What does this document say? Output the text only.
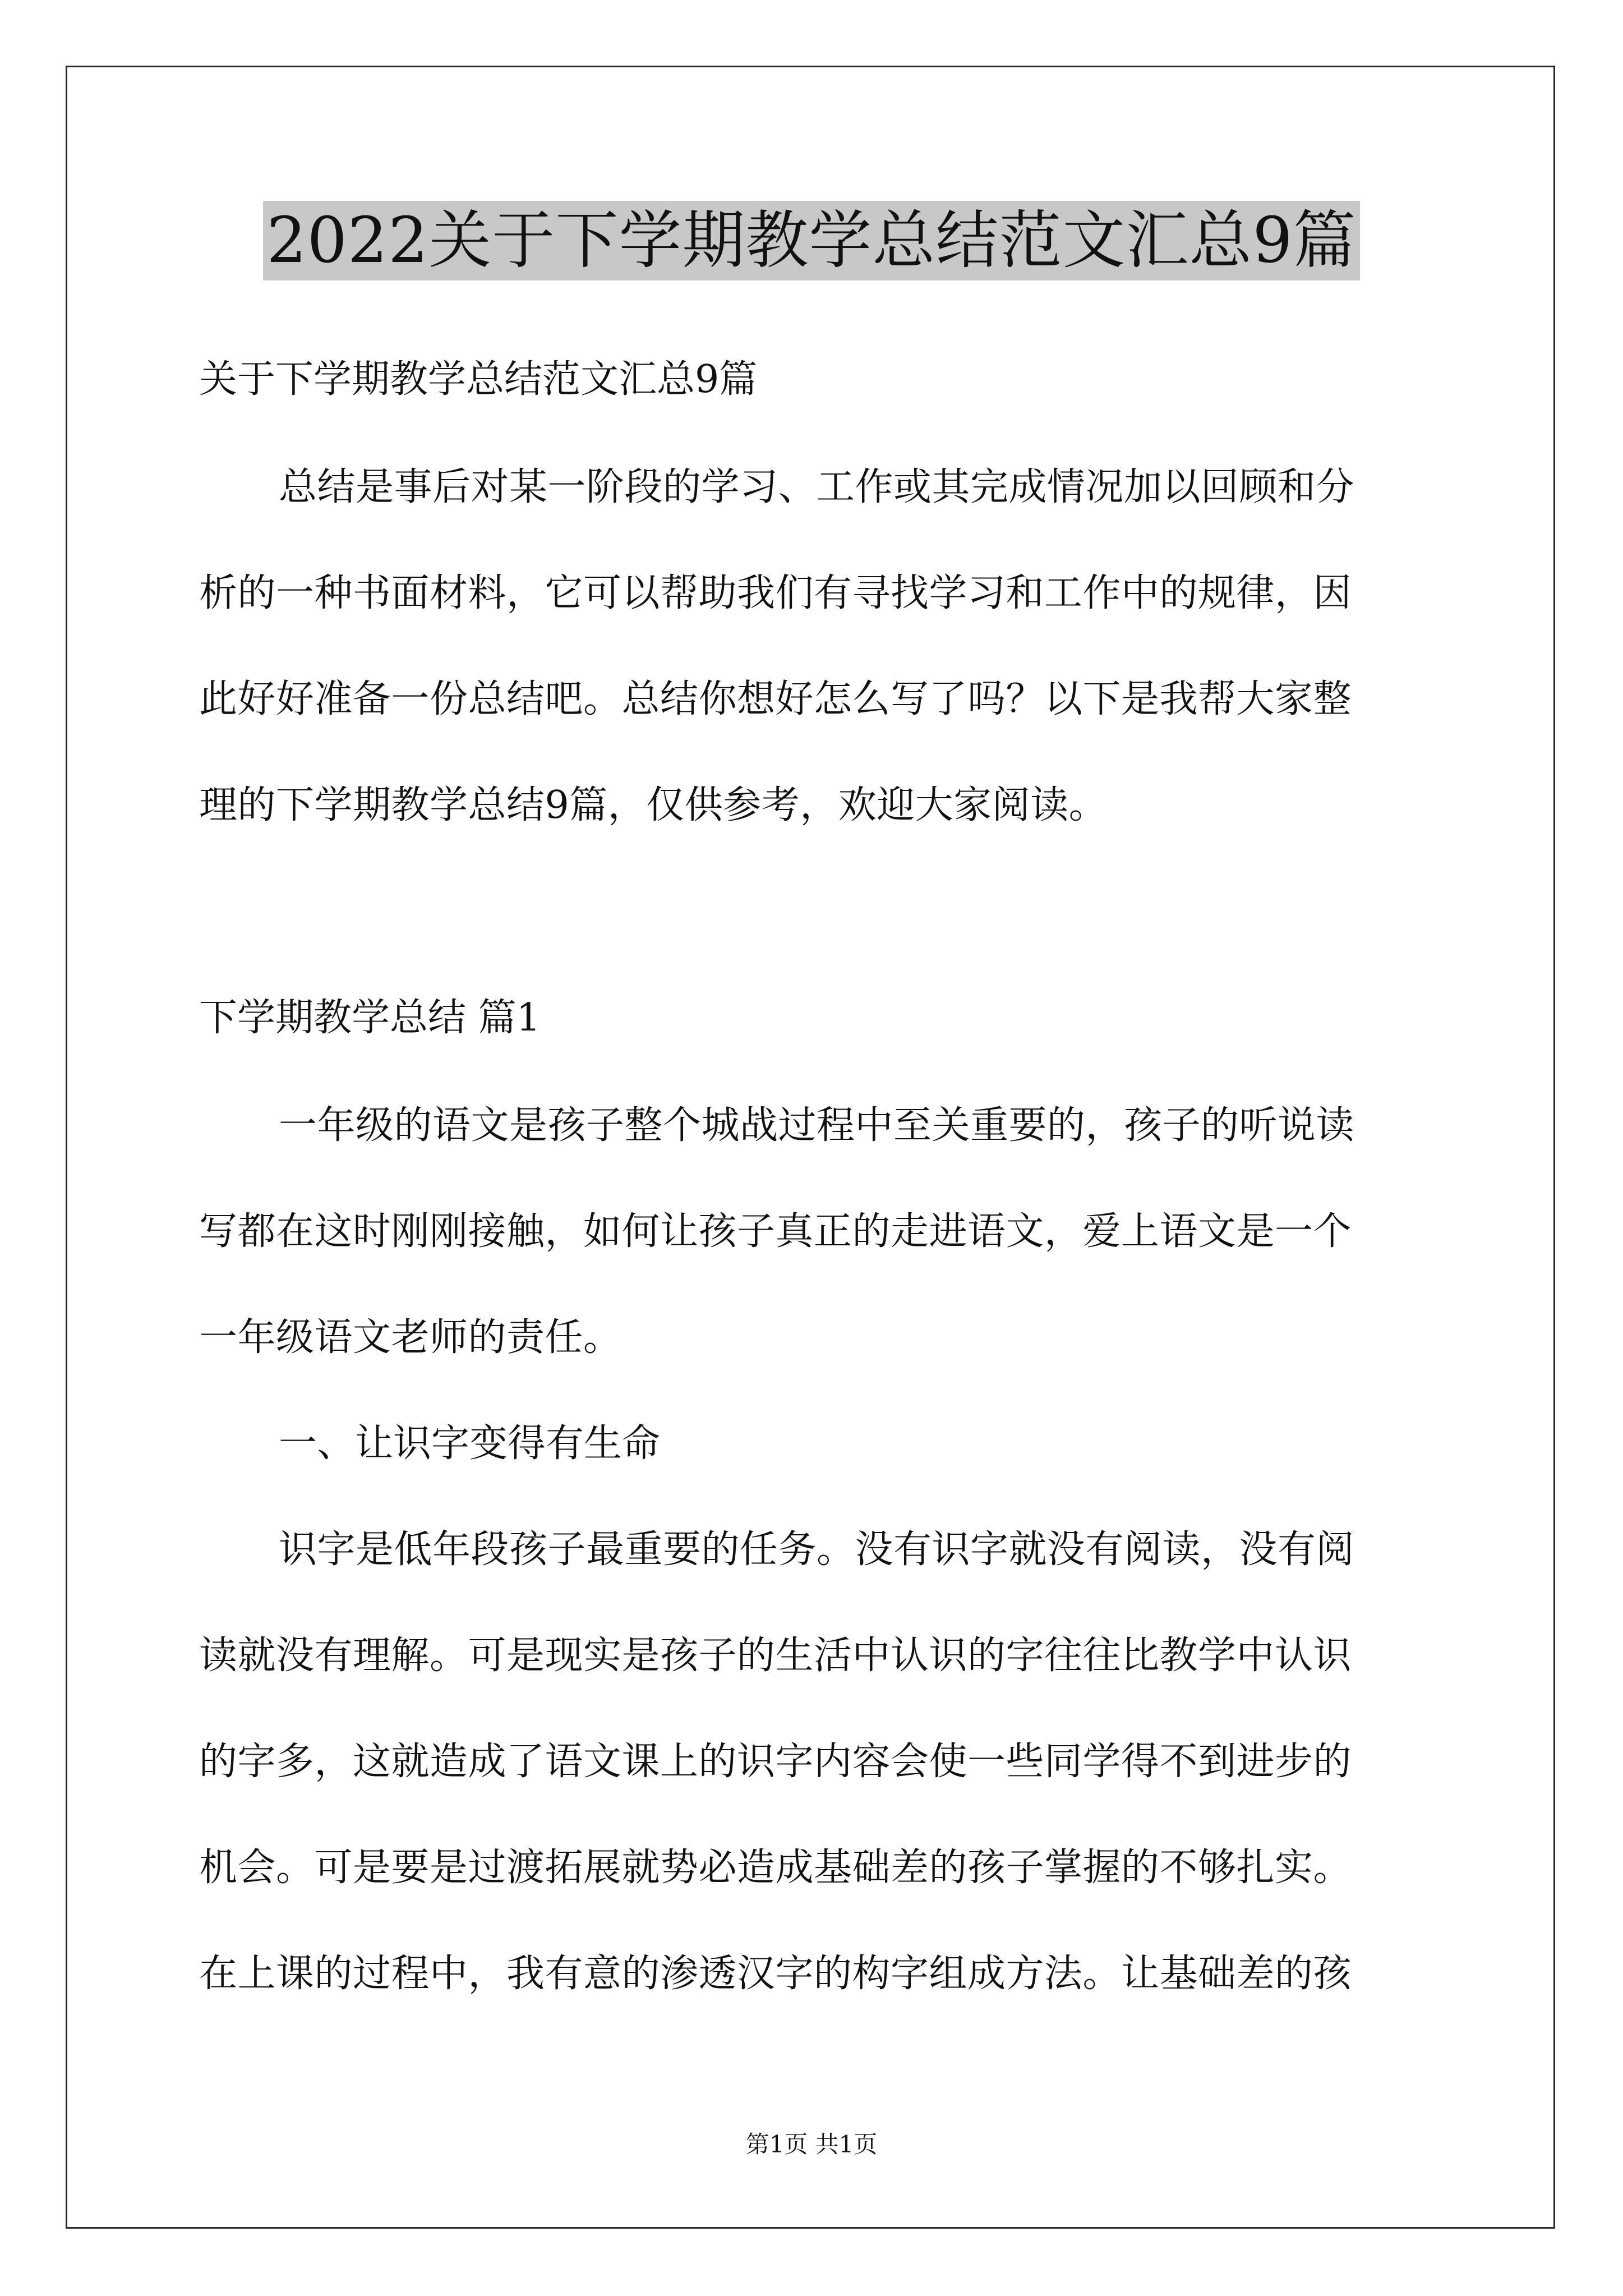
2022关于下学期教学总结范文汇总9篇
关于下学期教学总结范文汇总9篇
总结是事后对某一阶段的学习、工作或其完成情况加以回顾和分
析的一种书面材料，它可以帮助我们有寻找学习和工作中的规律，因
此好好准备一份总结吧。总结你想好怎么写了吗？以下是我帮大家整
理的下学期教学总结9篇，仅供参考，欢迎大家阅读。
下学期教学总结 篇1
一年级的语文是孩子整个城战过程中至关重要的，孩子的听说读
写都在这时刚刚接触，如何让孩子真正的走进语文，爱上语文是一个
一年级语文老师的责任。
一、让识字变得有生命
识字是低年段孩子最重要的任务。没有识字就没有阅读，没有阅
读就没有理解。可是现实是孩子的生活中认识的字往往比教学中认识
的字多，这就造成了语文课上的识字内容会使一些同学得不到进步的
机会。可是要是过渡拓展就势必造成基础差的孩子掌握的不够扎实。
在上课的过程中，我有意的渗透汉字的构字组成方法。让基础差的孩
第1页 共1页
